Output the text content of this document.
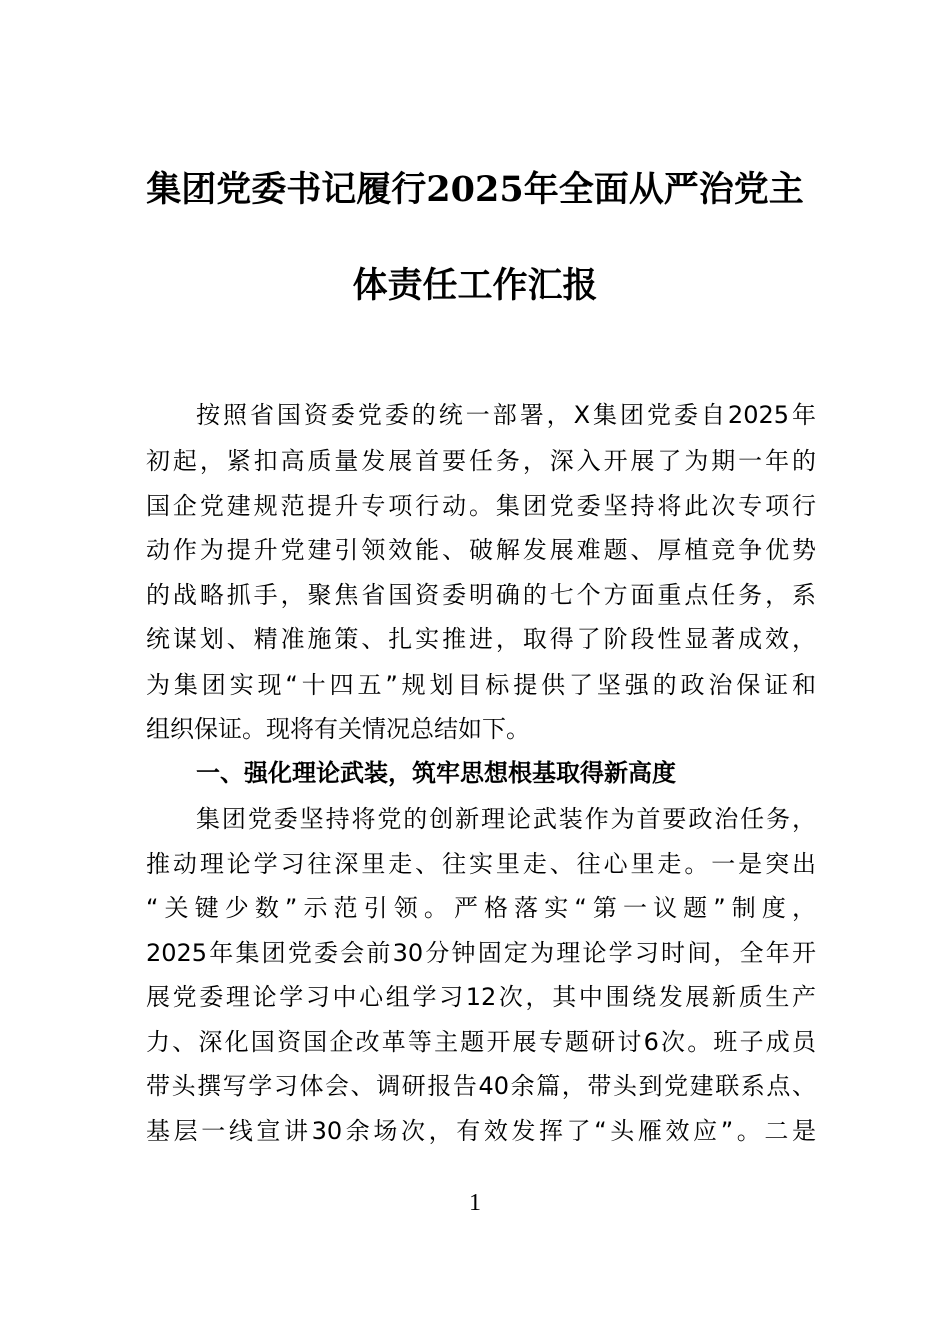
集团党委书记履行2025年全面从严治党主
体责任工作汇报
按照省国资委党委的统一部署，X集团党委自2025年
初起，紧扣高质量发展首要任务，深入开展了为期一年的
国企党建规范提升专项行动。集团党委坚持将此次专项行
动作为提升党建引领效能、破解发展难题、厚植竞争优势
的战略抓手，聚焦省国资委明确的七个方面重点任务，系
统谋划、精准施策、扎实推进，取得了阶段性显著成效，
为集团实现“十四五”规划目标提供了坚强的政治保证和
组织保证。现将有关情况总结如下。
一、强化理论武装，筑牢思想根基取得新高度
集团党委坚持将党的创新理论武装作为首要政治任务，
推动理论学习往深里走、往实里走、往心里走。一是突出
“关键少数”示范引领。严格落实“第一议题”制度，
2025年集团党委会前30分钟固定为理论学习时间，全年开
展党委理论学习中心组学习12次，其中围绕发展新质生产
力、深化国资国企改革等主题开展专题研讨6次。班子成员
带头撰写学习体会、调研报告40余篇，带头到党建联系点、
基层一线宣讲30余场次，有效发挥了“头雁效应”。二是
1
